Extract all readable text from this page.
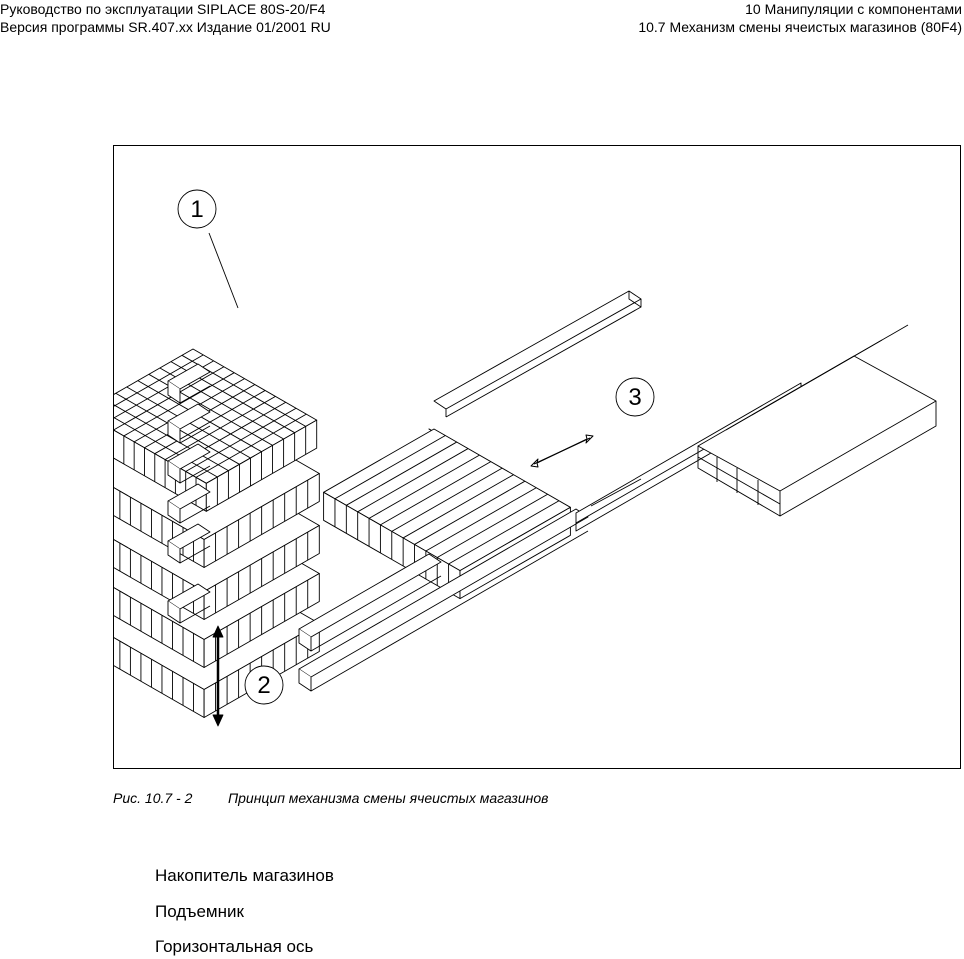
Руководство по эксплуатации SIPLACE 80S-20/F4
Версия программы SR.407.xx Издание 01/2001 RU
10 Манипуляции с компонентами
10.7 Механизм смены ячеистых магазинов (80F4)
1
2
3
Рис. 10.7 - 2	Принцип механизма смены ячеистых магазинов
Накопитель магазинов
Подъемник
Горизонтальная ось
